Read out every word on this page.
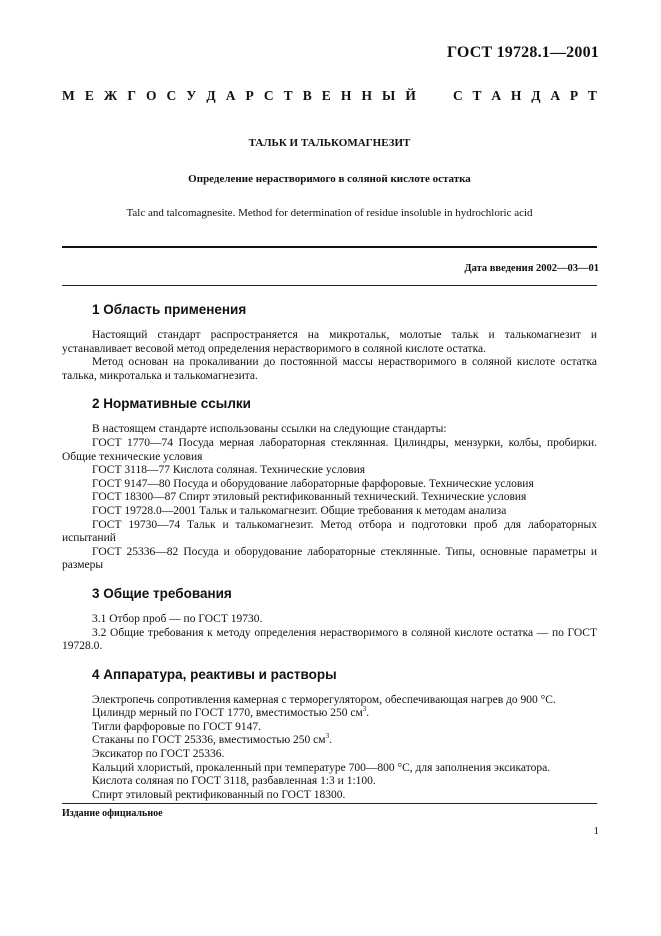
ГОСТ 19728.1—2001
М Е Ж Г О С У Д А Р С Т В Е Н Н Ы Й	С Т А Н Д А Р Т
ТАЛЬК И ТАЛЬКОМАГНЕЗИТ
Определение нерастворимого в соляной кислоте остатка
Talc and talcomagnesite. Method for determination of residue insoluble in hydrochloric acid
Дата введения 2002—03—01
1 Область применения

Настоящий стандарт распространяется на микротальк, молотые тальк и талькомагнезит и устанавливает весовой метод определения нерастворимого в соляной кислоте остатка.

Метод основан на прокаливании до постоянной массы нерастворимого в соляной кислоте остатка талька, микроталька и талькомагнезита.

2 Нормативные ссылки
В настоящем стандарте использованы ссылки на следующие стандарты:

ГОСТ 1770—74 Посуда мерная лабораторная стеклянная. Цилиндры, мензурки, колбы, пробирки. Общие технические условия

ГОСТ 3118—77 Кислота соляная. Технические условия
ГОСТ 9147—80 Посуда и оборудование лабораторные фарфоровые. Технические условия
ГОСТ 18300—87 Спирт этиловый ректификованный технический. Технические условия
ГОСТ 19728.0—2001 Тальк и талькомагнезит. Общие требования к методам анализа

ГОСТ 19730—74 Тальк и талькомагнезит. Метод отбора и подготовки проб для лабораторных испытаний

ГОСТ 25336—82 Посуда и оборудование лабораторные стеклянные. Типы, основные параметры и размеры

3 Общие требования
3.1 Отбор проб — по ГОСТ 19730.

3.2 Общие требования к методу определения нерастворимого в соляной кислоте остатка — по ГОСТ 19728.0.

4 Аппаратура, реактивы и растворы
Электропечь сопротивления камерная с терморегулятором, обеспечивающая нагрев до 900 °С.
Цилиндр мерный по ГОСТ 1770, вместимостью 250 $см^3$.
Тигли фарфоровые по ГОСТ 9147.
Стаканы по ГОСТ 25336, вместимостью 250 $см^3$.
Эксикатор по ГОСТ 25336.
Кальций хлористый, прокаленный при температуре 700—800 °С, для заполнения эксикатора.
Кислота соляная по ГОСТ 3118, разбавленная 1:3 и 1:100.
Спирт этиловый ректификованный по ГОСТ 18300.
Издание официальное
1
